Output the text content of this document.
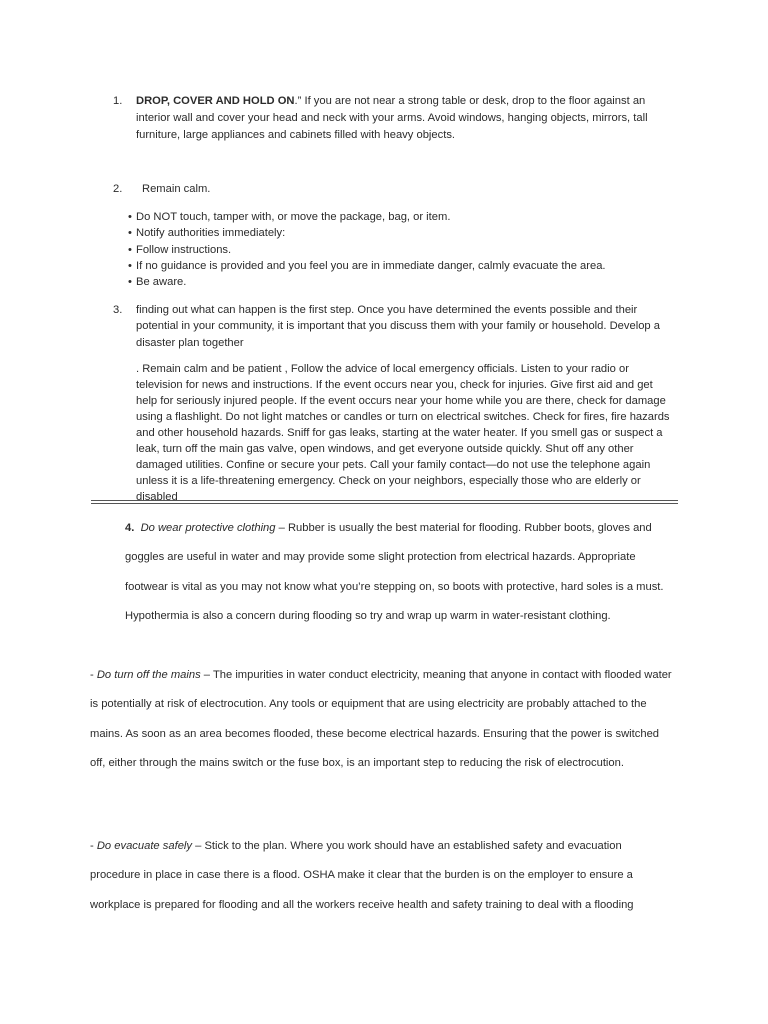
1. DROP, COVER AND HOLD ON.” If you are not near a strong table or desk, drop to the floor against an interior wall and cover your head and neck with your arms. Avoid windows, hanging objects, mirrors, tall furniture, large appliances and cabinets filled with heavy objects.
2. Remain calm.
• Do NOT touch, tamper with, or move the package, bag, or item.
• Notify authorities immediately:
• Follow instructions.
• If no guidance is provided and you feel you are in immediate danger, calmly evacuate the area.
• Be aware.
3. finding out what can happen is the first step. Once you have determined the events possible and their potential in your community, it is important that you discuss them with your family or household. Develop a disaster plan together
. Remain calm and be patient , Follow the advice of local emergency officials. Listen to your radio or television for news and instructions. If the event occurs near you, check for injuries. Give first aid and get help for seriously injured people. If the event occurs near your home while you are there, check for damage using a flashlight. Do not light matches or candles or turn on electrical switches. Check for fires, fire hazards and other household hazards. Sniff for gas leaks, starting at the water heater. If you smell gas or suspect a leak, turn off the main gas valve, open windows, and get everyone outside quickly. Shut off any other damaged utilities. Confine or secure your pets. Call your family contact—do not use the telephone again unless it is a life-threatening emergency. Check on your neighbors, especially those who are elderly or disabled
4. Do wear protective clothing – Rubber is usually the best material for flooding. Rubber boots, gloves and goggles are useful in water and may provide some slight protection from electrical hazards. Appropriate footwear is vital as you may not know what you’re stepping on, so boots with protective, hard soles is a must. Hypothermia is also a concern during flooding so try and wrap up warm in water-resistant clothing.
- Do turn off the mains – The impurities in water conduct electricity, meaning that anyone in contact with flooded water is potentially at risk of electrocution. Any tools or equipment that are using electricity are probably attached to the mains. As soon as an area becomes flooded, these become electrical hazards. Ensuring that the power is switched off, either through the mains switch or the fuse box, is an important step to reducing the risk of electrocution.
- Do evacuate safely – Stick to the plan. Where you work should have an established safety and evacuation procedure in place in case there is a flood. OSHA make it clear that the burden is on the employer to ensure a workplace is prepared for flooding and all the workers receive health and safety training to deal with a flooding
